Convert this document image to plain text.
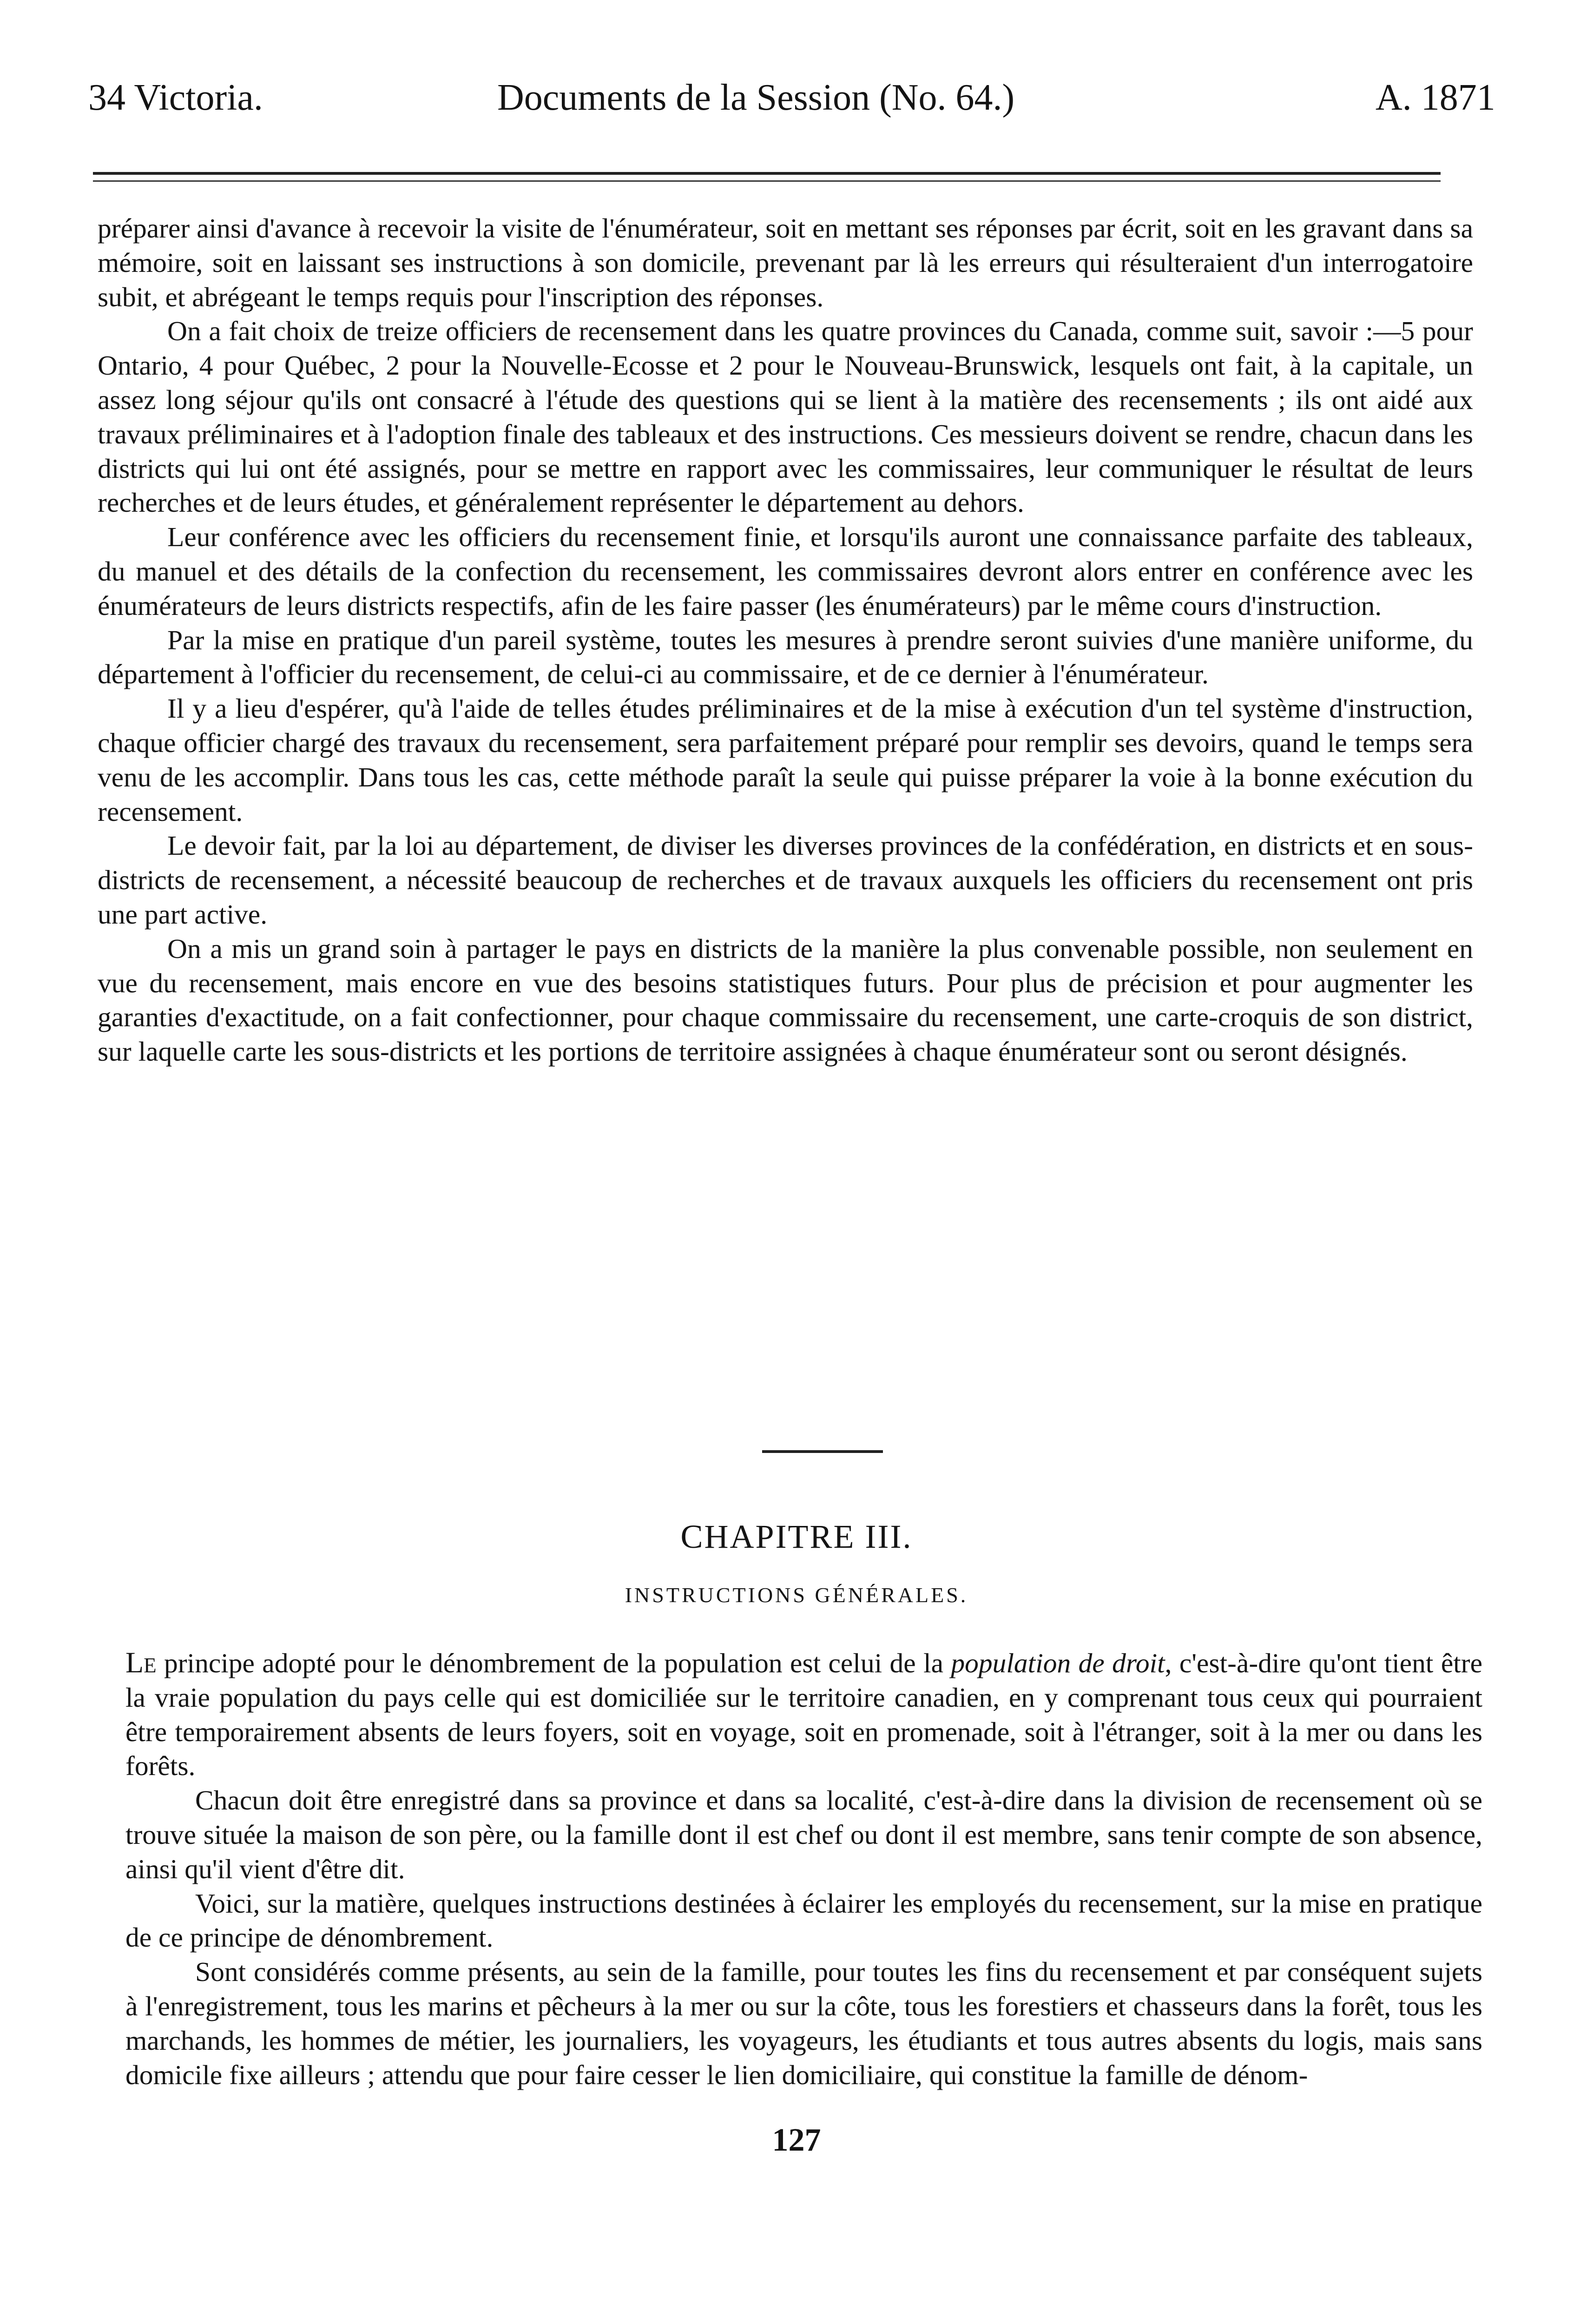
34 Victoria.	Documents de la Session (No. 64.)	A. 1871

préparer ainsi d'avance à recevoir la visite de l'énumérateur, soit en mettant ses réponses par écrit, soit en les gravant dans sa mémoire, soit en laissant ses instructions à son domicile, prevenant par là les erreurs qui résulteraient d'un interrogatoire subit, et abrégeant le temps requis pour l'inscription des réponses.

On a fait choix de treize officiers de recensement dans les quatre provinces du Canada, comme suit, savoir :—5 pour Ontario, 4 pour Québec, 2 pour la Nouvelle-Ecosse et 2 pour le Nouveau-Brunswick, lesquels ont fait, à la capitale, un assez long séjour qu'ils ont consacré à l'étude des questions qui se lient à la matière des recensements ; ils ont aidé aux travaux préliminaires et à l'adoption finale des tableaux et des instructions. Ces messieurs doivent se rendre, chacun dans les districts qui lui ont été assignés, pour se mettre en rapport avec les commissaires, leur communiquer le résultat de leurs recherches et de leurs études, et généralement représenter le département au dehors.

Leur conférence avec les officiers du recensement finie, et lorsqu'ils auront une connaissance parfaite des tableaux, du manuel et des détails de la confection du recensement, les commissaires devront alors entrer en conférence avec les énumérateurs de leurs districts respectifs, afin de les faire passer (les énumérateurs) par le même cours d'instruction.

Par la mise en pratique d'un pareil système, toutes les mesures à prendre seront suivies d'une manière uniforme, du département à l'officier du recensement, de celui-ci au commissaire, et de ce dernier à l'énumérateur.

Il y a lieu d'espérer, qu'à l'aide de telles études préliminaires et de la mise à exécution d'un tel système d'instruction, chaque officier chargé des travaux du recensement, sera parfaitement préparé pour remplir ses devoirs, quand le temps sera venu de les accomplir. Dans tous les cas, cette méthode paraît la seule qui puisse préparer la voie à la bonne exécution du recensement.

Le devoir fait, par la loi au département, de diviser les diverses provinces de la confédération, en districts et en sous-districts de recensement, a nécessité beaucoup de recherches et de travaux auxquels les officiers du recensement ont pris une part active.

On a mis un grand soin à partager le pays en districts de la manière la plus convenable possible, non seulement en vue du recensement, mais encore en vue des besoins statistiques futurs. Pour plus de précision et pour augmenter les garanties d'exactitude, on a fait confectionner, pour chaque commissaire du recensement, une carte-croquis de son district, sur laquelle carte les sous-districts et les portions de territoire assignées à chaque énumérateur sont ou seront désignés.

CHAPITRE III.
INSTRUCTIONS GÉNÉRALES.

Le principe adopté pour le dénombrement de la population est celui de la population de droit, c'est-à-dire qu'ont tient être la vraie population du pays celle qui est domiciliée sur le territoire canadien, en y comprenant tous ceux qui pourraient être temporairement absents de leurs foyers, soit en voyage, soit en promenade, soit à l'étranger, soit à la mer ou dans les forêts.

Chacun doit être enregistré dans sa province et dans sa localité, c'est-à-dire dans la division de recensement où se trouve située la maison de son père, ou la famille dont il est chef ou dont il est membre, sans tenir compte de son absence, ainsi qu'il vient d'être dit.

Voici, sur la matière, quelques instructions destinées à éclairer les employés du recensement, sur la mise en pratique de ce principe de dénombrement.

Sont considérés comme présents, au sein de la famille, pour toutes les fins du recensement et par conséquent sujets à l'enregistrement, tous les marins et pêcheurs à la mer ou sur la côte, tous les forestiers et chasseurs dans la forêt, tous les marchands, les hommes de métier, les journaliers, les voyageurs, les étudiants et tous autres absents du logis, mais sans domicile fixe ailleurs ; attendu que pour faire cesser le lien domiciliaire, qui constitue la famille de dénom-

127
